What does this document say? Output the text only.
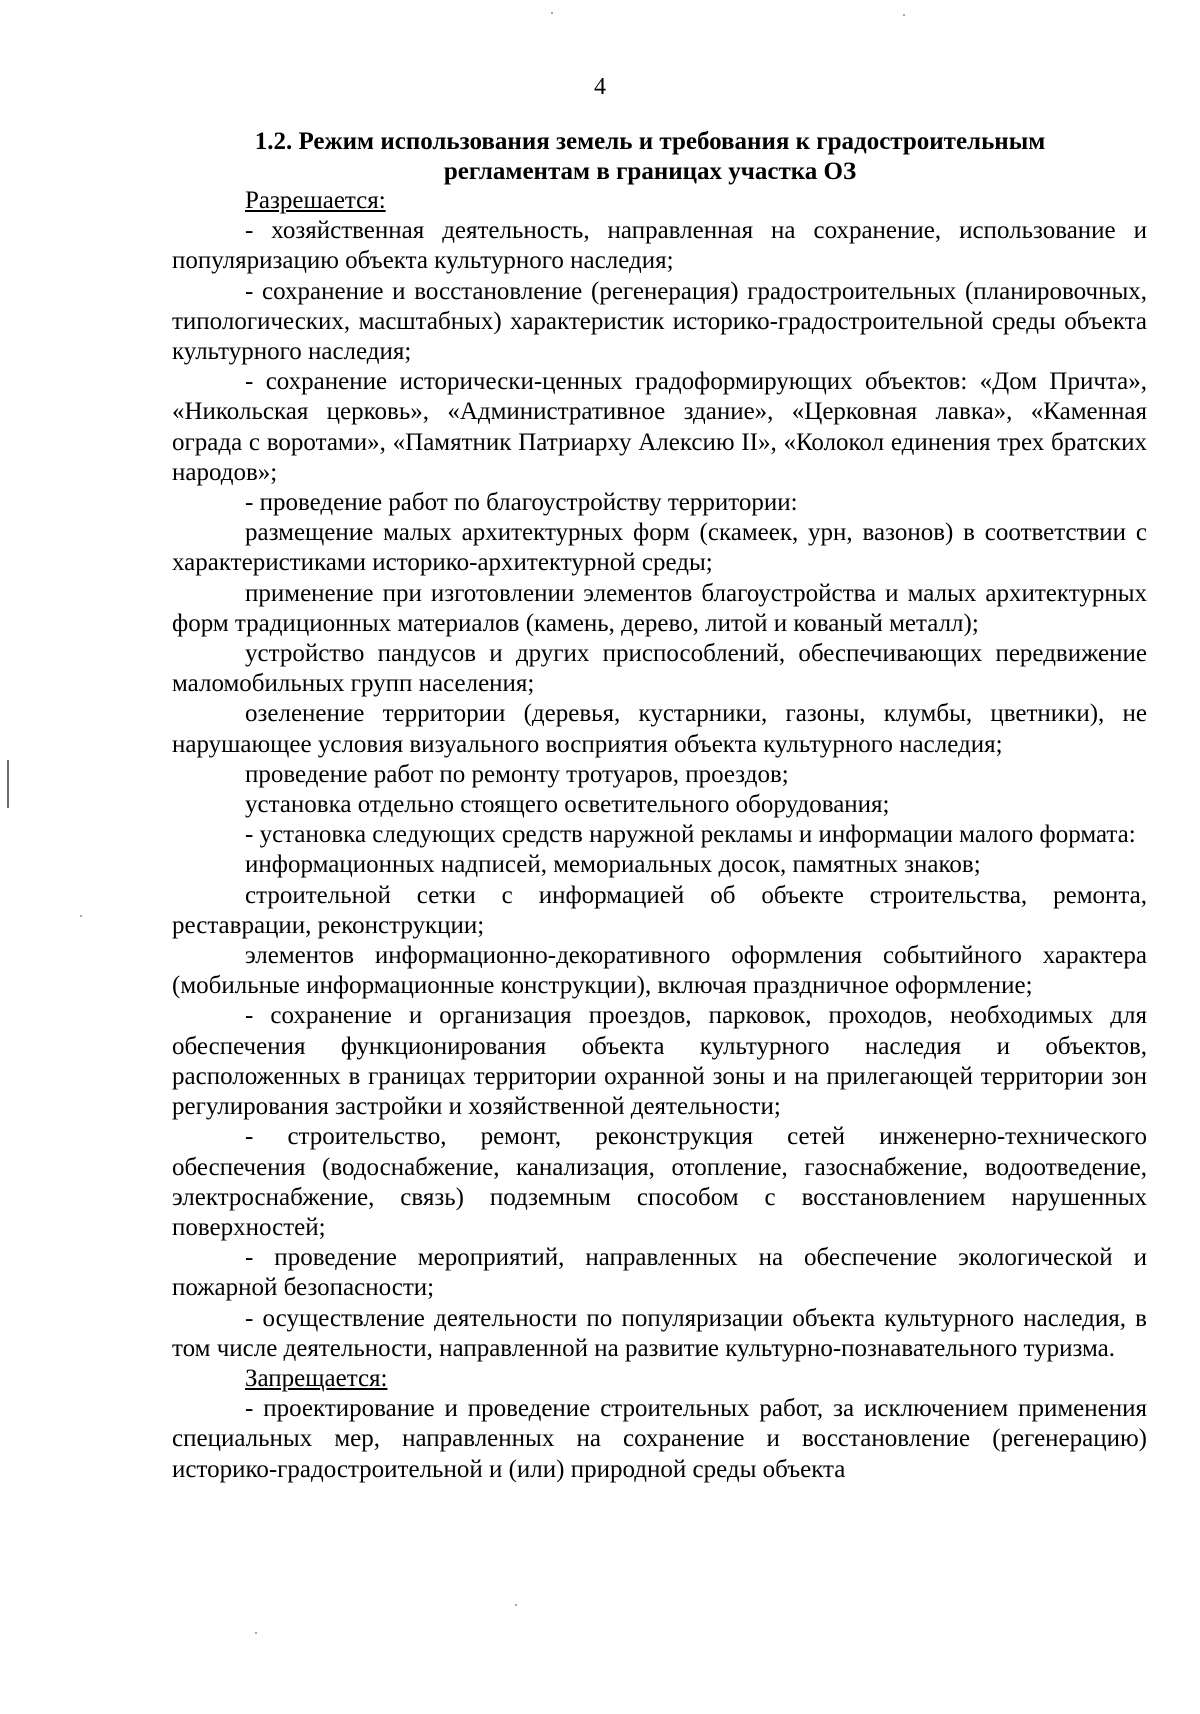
4
1.2. Режим использования земель и требования к градостроительным
регламентам в границах участка ОЗ

Разрешается:

- хозяйственная деятельность, направленная на сохранение, использование и популяризацию объекта культурного наследия;

- сохранение и восстановление (регенерация) градостроительных (планировочных, типологических, масштабных) характеристик историко-градостроительной среды объекта культурного наследия;

- сохранение исторически-ценных градоформирующих объектов: «Дом Причта», «Никольская церковь», «Административное здание», «Церковная лавка», «Каменная ограда с воротами», «Памятник Патриарху Алексию II», «Колокол единения трех братских народов»;

- проведение работ по благоустройству территории:

размещение малых архитектурных форм (скамеек, урн, вазонов) в соответствии с характеристиками историко-архитектурной среды;

применение при изготовлении элементов благоустройства и малых архитектурных форм традиционных материалов (камень, дерево, литой и кованый металл);

устройство пандусов и других приспособлений, обеспечивающих передвижение маломобильных групп населения;

озеленение территории (деревья, кустарники, газоны, клумбы, цветники), не нарушающее условия визуального восприятия объекта культурного наследия;

проведение работ по ремонту тротуаров, проездов;

установка отдельно стоящего осветительного оборудования;

- установка следующих средств наружной рекламы и информации малого формата:

информационных надписей, мемориальных досок, памятных знаков;

строительной сетки с информацией об объекте строительства, ремонта, реставрации, реконструкции;

элементов информационно-декоративного оформления событийного характера (мобильные информационные конструкции), включая праздничное оформление;

- сохранение и организация проездов, парковок, проходов, необходимых для обеспечения функционирования объекта культурного наследия и объектов, расположенных в границах территории охранной зоны и на прилегающей территории зон регулирования застройки и хозяйственной деятельности;

- строительство, ремонт, реконструкция сетей инженерно-технического обеспечения (водоснабжение, канализация, отопление, газоснабжение, водоотведение, электроснабжение, связь) подземным способом с восстановлением нарушенных поверхностей;

- проведение мероприятий, направленных на обеспечение экологической и пожарной безопасности;

- осуществление деятельности по популяризации объекта культурного наследия, в том числе деятельности, направленной на развитие культурно-познавательного туризма.

Запрещается:

- проектирование и проведение строительных работ, за исключением применения специальных мер, направленных на сохранение и восстановление (регенерацию) историко-градостроительной и (или) природной среды объекта
